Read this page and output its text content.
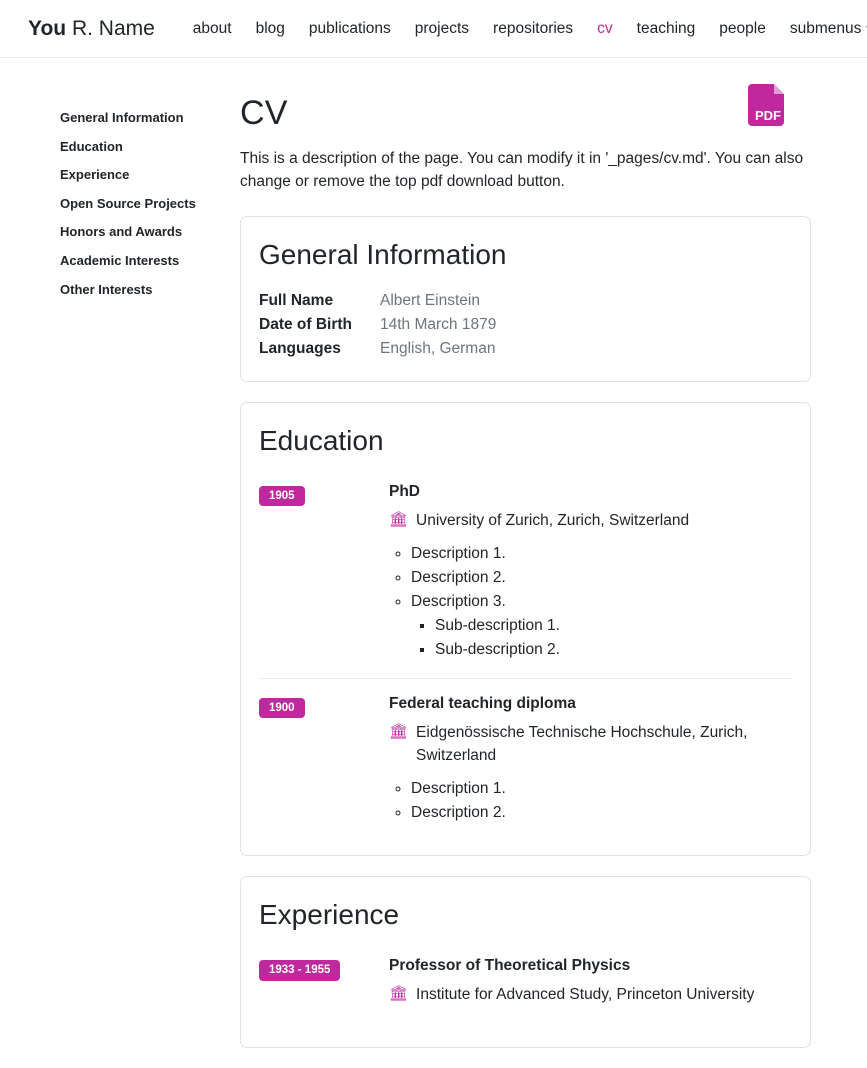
You R. Name	about	blog	publications	projects	repositories	cv	teaching	people	submenus
General Information
Education
Experience
Open Source Projects
Honors and Awards
Academic Interests
Other Interests
CV

This is a description of the page. You can modify it in '_pages/cv.md'. You can also change or remove the top pdf download button.

PDF
General Information
Full Name	Albert Einstein
Date of Birth	14th March 1879
Languages	English, German
Education
1905	PhD

🏛 University of Zurich, Zurich, Switzerland

◦ Description 1.
◦ Description 2.
◦ Description 3.
▪ Sub-description 1.
▪ Sub-description 2.
1900	Federal teaching diploma

🏛 Eidgenössische Technische Hochschule, Zurich, Switzerland

◦ Description 1.
◦ Description 2.
Experience
1933 - 1955	Professor of Theoretical Physics

🏛 Institute for Advanced Study, Princeton University
